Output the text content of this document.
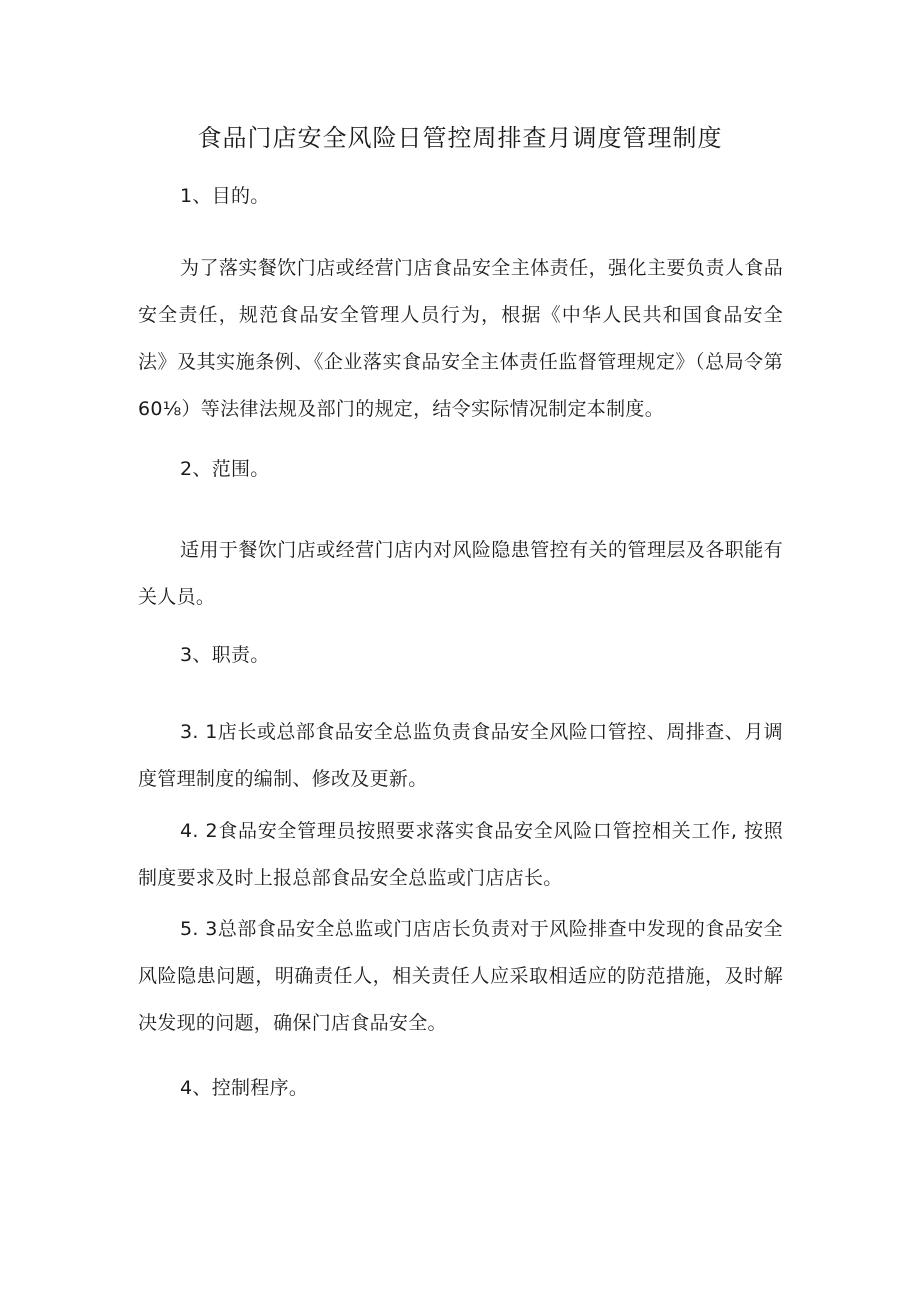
食品门店安全风险日管控周排查月调度管理制度

1、目的。

为了落实餐饮门店或经营门店食品安全主体责任，强化主要负责人食品安全责任，规范食品安全管理人员行为，根据《中华人民共和国食品安全法》及其实施条例、《企业落实食品安全主体责任监督管理规定》（总局令第60⅛）等法律法规及部门的规定，结令实际情况制定本制度。

2、范围。

适用于餐饮门店或经营门店内对风险隐患管控有关的管理层及各职能有关人员。

3、职责。

3. 1店长或总部食品安全总监负责食品安全风险口管控、周排查、月调度管理制度的编制、修改及更新。

4. 2食品安全管理员按照要求落实食品安全风险口管控相关工作, 按照制度要求及时上报总部食品安全总监或门店店长。

5. 3总部食品安全总监或门店店长负责对于风险排查中发现的食品安全风险隐患问题，明确责任人，相关责任人应采取相适应的防范措施，及时解决发现的问题，确保门店食品安全。

4、控制程序。
